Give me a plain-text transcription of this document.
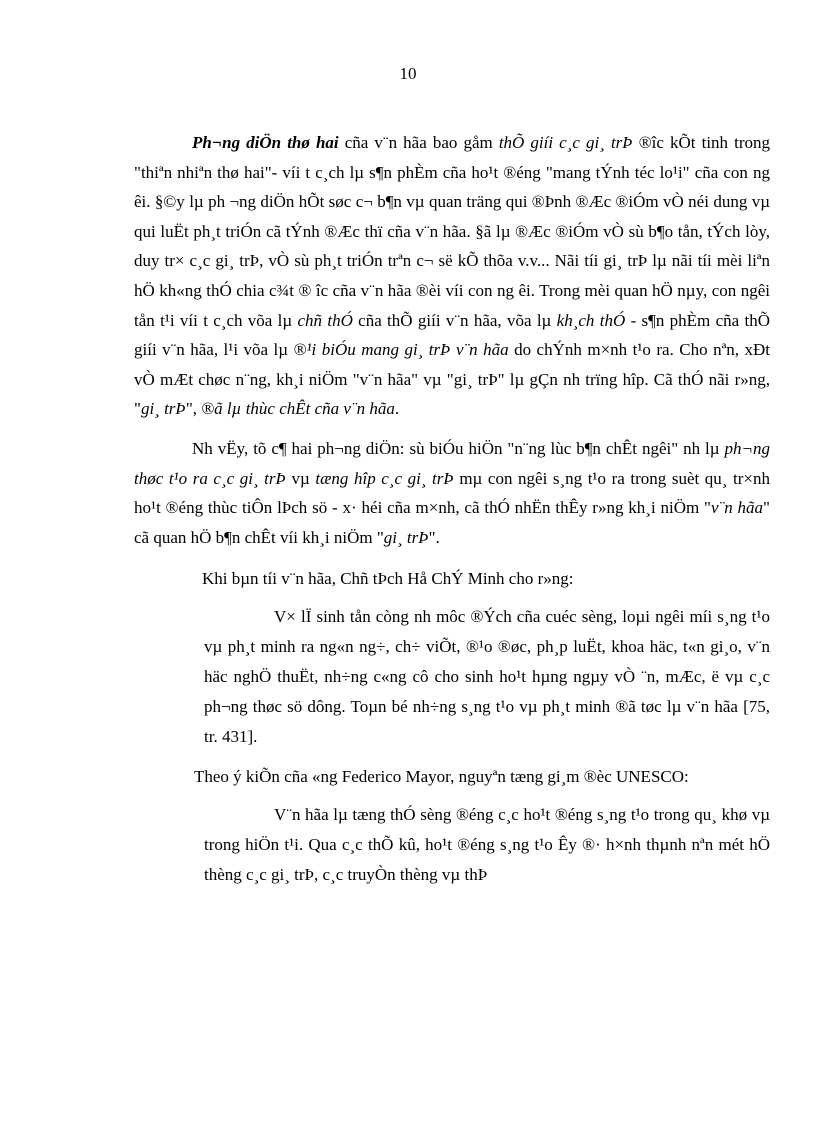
10

Ph¬ng diÖn thø hai cña v¨n hãa bao gåm thÕ giíi c¸c gi¸ trÞ ®îc kÕt tinh trong "thiªn nhiªn thø hai"- víi t c¸ch lµ s¶n phÈm cña ho¹t ®éng "mang tÝnh téc lo¹i" cña con ng êi. §©y lµ ph ¬ng diÖn hÕt søc c¬ b¶n vµ quan träng qui ®Þnh ®Æc ®iÓm vÒ néi dung vµ qui luËt ph¸t triÓn cã tÝnh ®Æc thï cña v¨n hãa. §ã lµ ®Æc ®iÓm vÒ sù b¶o tån, tÝch lòy, duy tr× c¸c gi¸ trÞ, vÒ sù ph¸t triÓn trªn c¬ së kÕ thõa v.v... Nãi tíi gi¸ trÞ lµ nãi tíi mèi liªn hÖ kh«ng thÓ chia c¾t ® îc cña v¨n hãa ®èi víi con ng êi. Trong mèi quan hÖ nµy, con ngêi tån t¹i víi t c¸ch võa lµ chñ thÓ cña thÕ giíi v¨n hãa, võa lµ kh¸ch thÓ - s¶n phÈm cña thÕ giíi v¨n hãa, l¹i võa lµ ®¹i biÓu mang gi¸ trÞ v¨n hãa do chÝnh m×nh t¹o ra. Cho nªn, xÐt vÒ mÆt chøc n¨ng, kh¸i niÖm "v¨n hãa" vµ "gi¸ trÞ" lµ gÇn nh trïng hîp. Cã thÓ nãi r»ng, "gi¸ trÞ", ®ã lµ thùc chÊt cña v¨n hãa.

Nh vËy, tõ c¶ hai ph¬ng diÖn: sù biÓu hiÖn "n¨ng lùc b¶n chÊt ngêi" nh lµ ph¬ng thøc t¹o ra c¸c gi¸ trÞ vµ tæng hîp c¸c gi¸ trÞ mµ con ngêi s¸ng t¹o ra trong suèt qu¸ tr×nh ho¹t ®éng thùc tiÔn lÞch sö - x· héi cña m×nh, cã thÓ nhËn thÊy r»ng kh¸i niÖm "v¨n hãa" cã quan hÖ b¶n chÊt víi kh¸i niÖm "gi¸ trÞ".

Khi bµn tíi v¨n hãa, Chñ tÞch Hå ChÝ Minh cho r»ng:

V× lÏ sinh tån còng nh môc ®Ých cña cuéc sèng, loµi ngêi míi s¸ng t¹o vµ ph¸t minh ra ng«n ng÷, ch÷ viÕt, ®¹o ®øc, ph¸p luËt, khoa häc, t«n gi¸o, v¨n häc nghÖ thuËt, nh÷ng c«ng cô cho sinh ho¹t hµng ngµy vÒ ¨n, mÆc, ë vµ c¸c ph¬ng thøc sö dông. Toµn bé nh÷ng s¸ng t¹o vµ ph¸t minh ®ã tøc lµ v¨n hãa [75, tr. 431].

Theo ý kiÕn cña «ng Federico Mayor, nguyªn tæng gi¸m ®èc UNESCO:

V¨n hãa lµ tæng thÓ sèng ®éng c¸c ho¹t ®éng s¸ng t¹o trong qu¸ khø vµ trong hiÖn t¹i. Qua c¸c thÕ kû, ho¹t ®éng s¸ng t¹o Êy ®· h×nh thµnh nªn mét hÖ thèng c¸c gi¸ trÞ, c¸c truyÒn thèng vµ thÞ
